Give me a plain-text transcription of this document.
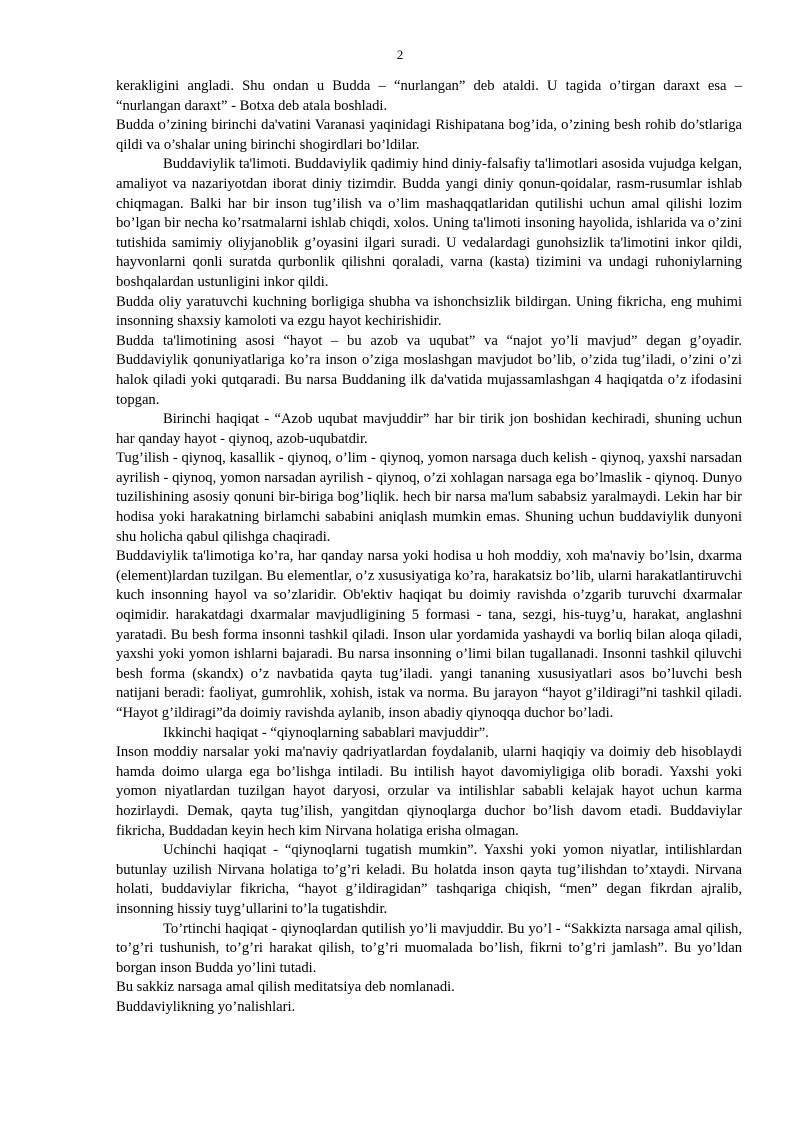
2

kerakligini angladi. Shu ondan u Budda – “nurlangan” deb ataldi. U tagida o’tirgan daraxt esa – “nurlangan daraxt” - Botxa deb atala boshladi.

Budda o’zining birinchi da'vatini Varanasi yaqinidagi Rishipatana bog’ida, o’zining besh rohib do’stlariga qildi va o’shalar uning birinchi shogirdlari bo’ldilar.

Buddaviylik ta'limoti. Buddaviylik qadimiy hind diniy-falsafiy ta'limotlari asosida vujudga kelgan, amaliyot va nazariyotdan iborat diniy tizimdir. Budda yangi diniy qonun-qoidalar, rasm-rusumlar ishlab chiqmagan. Balki har bir inson tug’ilish va o’lim mashaqqatlaridan qutilishi uchun amal qilishi lozim bo’lgan bir necha ko’rsatmalarni ishlab chiqdi, xolos. Uning ta'limoti insoning hayolida, ishlarida va o’zini tutishida samimiy oliyjanoblik g’oyasini ilgari suradi. U vedalardagi gunohsizlik ta'limotini inkor qildi, hayvonlarni qonli suratda qurbonlik qilishni qoraladi, varna (kasta) tizimini va undagi ruhoniylarning boshqalardan ustunligini inkor qildi.

Budda oliy yaratuvchi kuchning borligiga shubha va ishonchsizlik bildirgan. Uning fikricha, eng muhimi insonning shaxsiy kamoloti va ezgu hayot kechirishidir.

Budda ta'limotining asosi “hayot – bu azob va uqubat” va “najot yo’li mavjud” degan g’oyadir. Buddaviylik qonuniyatlariga ko’ra inson o’ziga moslashgan mavjudot bo’lib, o’zida tug’iladi, o’zini o’zi halok qiladi yoki qutqaradi. Bu narsa Buddaning ilk da'vatida mujassamlashgan 4 haqiqatda o’z ifodasini topgan.

Birinchi haqiqat - “Azob uqubat mavjuddir” har bir tirik jon boshidan kechiradi, shuning uchun har qanday hayot - qiynoq, azob-uqubatdir.

Tug’ilish - qiynoq, kasallik - qiynoq, o’lim - qiynoq, yomon narsaga duch kelish - qiynoq, yaxshi narsadan ayrilish - qiynoq, yomon narsadan ayrilish - qiynoq, o’zi xohlagan narsaga ega bo’lmaslik - qiynoq. Dunyo tuzilishining asosiy qonuni bir-biriga bog’liqlik. hech bir narsa ma'lum sababsiz yaralmaydi. Lekin har bir hodisa yoki harakatning birlamchi sababini aniqlash mumkin emas. Shuning uchun buddaviylik dunyoni shu holicha qabul qilishga chaqiradi.

Buddaviylik ta'limotiga ko’ra, har qanday narsa yoki hodisa u hoh moddiy, xoh ma'naviy bo’lsin, dxarma (element)lardan tuzilgan. Bu elementlar, o’z xususiyatiga ko’ra, harakatsiz bo’lib, ularni harakatlantiruvchi kuch insonning hayol va so’zlaridir. Ob'ektiv haqiqat bu doimiy ravishda o’zgarib turuvchi dxarmalar oqimidir. harakatdagi dxarmalar mavjudligining 5 formasi - tana, sezgi, his-tuyg’u, harakat, anglashni yaratadi. Bu besh forma insonni tashkil qiladi. Inson ular yordamida yashaydi va borliq bilan aloqa qiladi, yaxshi yoki yomon ishlarni bajaradi. Bu narsa insonning o’limi bilan tugallanadi. Insonni tashkil qiluvchi besh forma (skandx) o’z navbatida qayta tug’iladi. yangi tananing xususiyatlari asos bo’luvchi besh natijani beradi: faoliyat, gumrohlik, xohish, istak va norma. Bu jarayon “hayot g’ildiragi”ni tashkil qiladi. “Hayot g’ildiragi”da doimiy ravishda aylanib, inson abadiy qiynoqqa duchor bo’ladi.

Ikkinchi haqiqat - “qiynoqlarning sabablari mavjuddir”.

Inson moddiy narsalar yoki ma'naviy qadriyatlardan foydalanib, ularni haqiqiy va doimiy deb hisoblaydi hamda doimo ularga ega bo’lishga intiladi. Bu intilish hayot davomiyligiga olib boradi. Yaxshi yoki yomon niyatlardan tuzilgan hayot daryosi, orzular va intilishlar sababli kelajak hayot uchun karma hozirlaydi. Demak, qayta tug’ilish, yangitdan qiynoqlarga duchor bo’lish davom etadi. Buddaviylar fikricha, Buddadan keyin hech kim Nirvana holatiga erisha olmagan.

Uchinchi haqiqat - “qiynoqlarni tugatish mumkin”. Yaxshi yoki yomon niyatlar, intilishlardan butunlay uzilish Nirvana holatiga to’g’ri keladi. Bu holatda inson qayta tug’ilishdan to’xtaydi. Nirvana holati, buddaviylar fikricha, “hayot g’ildiragidan” tashqariga chiqish, “men” degan fikrdan ajralib, insonning hissiy tuyg’ullarini to’la tugatishdir.

To’rtinchi haqiqat - qiynoqlardan qutilish yo’li mavjuddir. Bu yo’l - “Sakkizta narsaga amal qilish, to’g’ri tushunish, to’g’ri harakat qilish, to’g’ri muomalada bo’lish, fikrni to’g’ri jamlash”. Bu yo’ldan borgan inson Budda yo’lini tutadi.

Bu sakkiz narsaga amal qilish meditatsiya deb nomlanadi.

Buddaviylikning yo’nalishlari.
